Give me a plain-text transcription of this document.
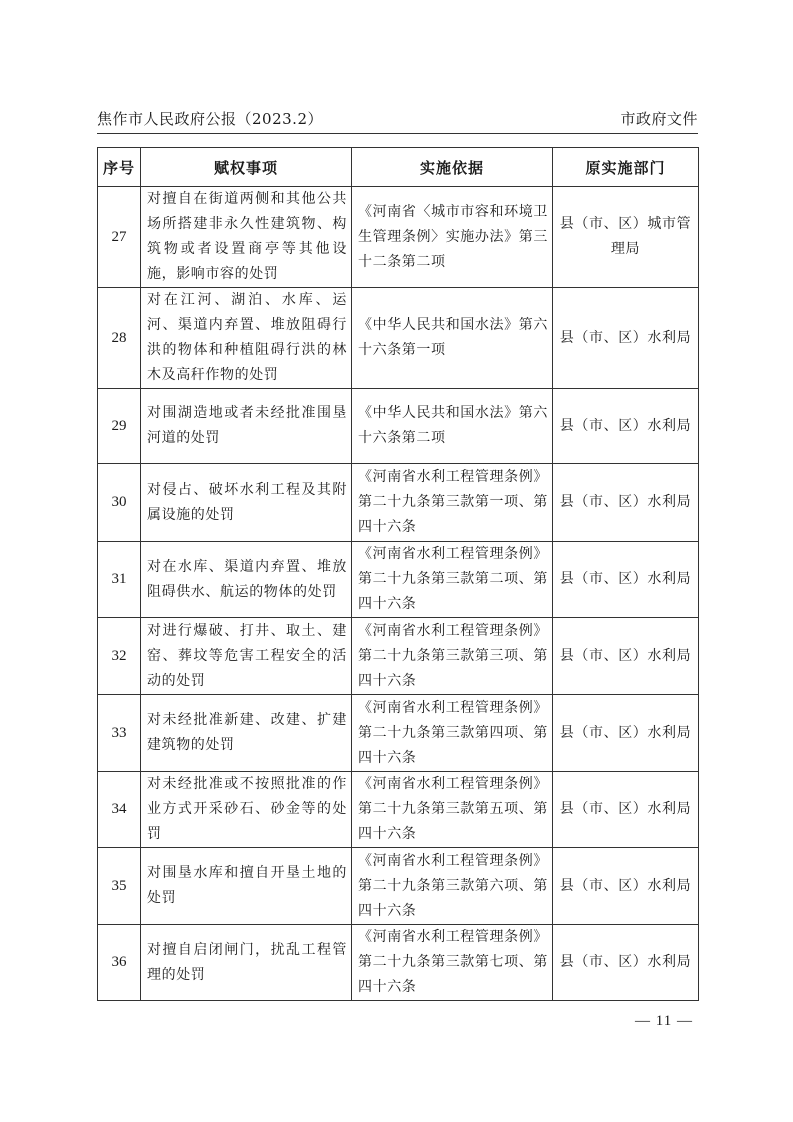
焦作市人民政府公报（2023.2）	市政府文件
序号	赋权事项	实施依据	原实施部门
27	对擅自在街道两侧和其他公共场所搭建非永久性建筑物、构筑物或者设置商亭等其他设施，影响市容的处罚	《河南省〈城市市容和环境卫生管理条例〉实施办法》第三十二条第二项	县（市、区）城市管理局
28	对在江河、湖泊、水库、运河、渠道内弃置、堆放阻碍行洪的物体和种植阻碍行洪的林木及高秆作物的处罚	《中华人民共和国水法》第六十六条第一项	县（市、区）水利局
29	对围湖造地或者未经批准围垦河道的处罚	《中华人民共和国水法》第六十六条第二项	县（市、区）水利局
30	对侵占、破坏水利工程及其附属设施的处罚	《河南省水利工程管理条例》第二十九条第三款第一项、第四十六条	县（市、区）水利局
31	对在水库、渠道内弃置、堆放阻碍供水、航运的物体的处罚	《河南省水利工程管理条例》第二十九条第三款第二项、第四十六条	县（市、区）水利局
32	对进行爆破、打井、取土、建窑、葬坟等危害工程安全的活动的处罚	《河南省水利工程管理条例》第二十九条第三款第三项、第四十六条	县（市、区）水利局
33	对未经批准新建、改建、扩建建筑物的处罚	《河南省水利工程管理条例》第二十九条第三款第四项、第四十六条	县（市、区）水利局
34	对未经批准或不按照批准的作业方式开采砂石、砂金等的处罚	《河南省水利工程管理条例》第二十九条第三款第五项、第四十六条	县（市、区）水利局
35	对围垦水库和擅自开垦土地的处罚	《河南省水利工程管理条例》第二十九条第三款第六项、第四十六条	县（市、区）水利局
36	对擅自启闭闸门，扰乱工程管理的处罚	《河南省水利工程管理条例》第二十九条第三款第七项、第四十六条	县（市、区）水利局
— 11 —
